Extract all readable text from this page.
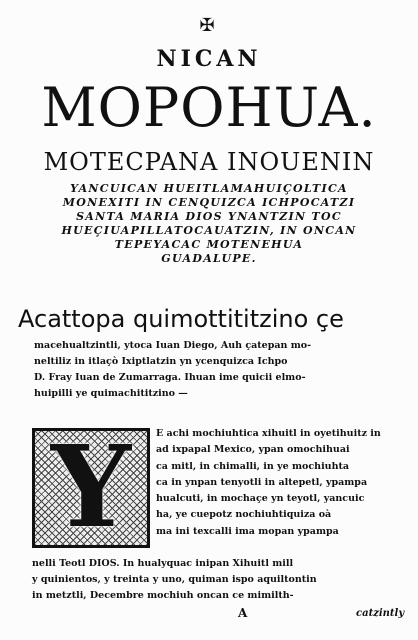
✠
NICAN
MOPOHUA.
MOTECPANA INOUENIN
YANCUICAN HUEITLAMAHUIÇOLTICA
MONEXITI IN CENQUIZCA ICHPOCATZI
SANTA MARIA DIOS YNANTZIN TOC
HUEÇIUAPILLATOCAUATZIN, IN ONCAN
TEPEYACAC MOTENEHUA
GUADALUPE.
Acattopa quimottititzino çe
macehualtzintli, ytoca Iuan Diego, Auh çatepan mo-
neltiliz in itlaçò Ixiptlatzin yn ycenquizca Ichpo
D. Fray Iuan de Zumarraga. Ihuan ime quicii elmo-
huipilli ye quimachititzino —
Y	E achi mochiuhtica xihuitl in oyetihuitz in
ad ixpapal Mexico, ypan omochihuai
ca mitl, in chimalli, in ye mochiuhta
ca in ynpan tenyotli in altepetl, ypampa
hualcuti, in mochaçe yn teyotl, yancuic
ha, ye cuepotz nochiuhtiquiza oà
ma ini texcalli ima mopan ypampa
nelli Teotl DIOS. In hualyquac inipan Xihuitl mill
y quinientos, y treinta y uno, quiman ispo aquiltontin
in metztli, Decembre mochiuh oncan ce mimilth-
A	catzintly
